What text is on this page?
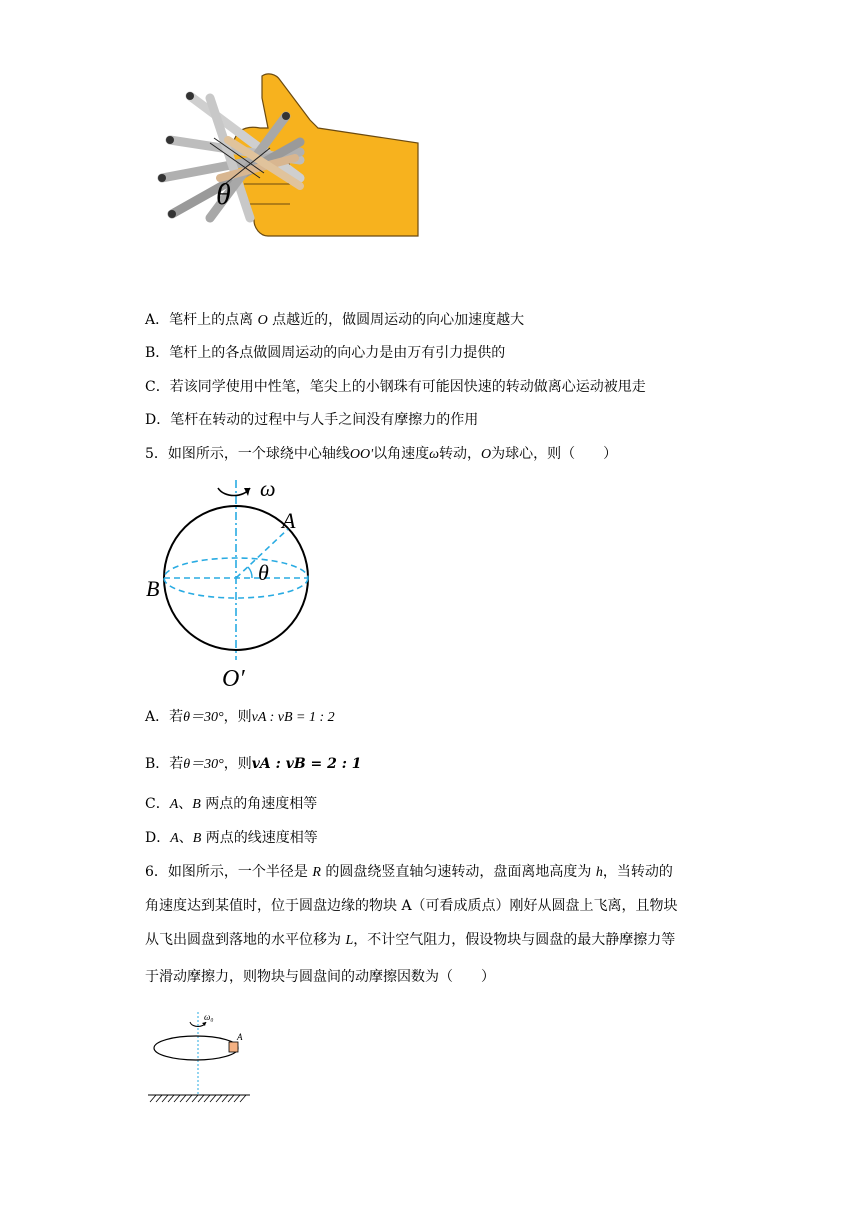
θ
A．笔杆上的点离 O 点越近的，做圆周运动的向心加速度越大
B．笔杆上的各点做圆周运动的向心力是由万有引力提供的
C．若该同学使用中性笔，笔尖上的小钢珠有可能因快速的转动做离心运动被甩走
D．笔杆在转动的过程中与人手之间没有摩擦力的作用
5．如图所示，一个球绕中心轴线OO'以角速度ω转动，O为球心，则（　　）
ω
A
B
θ
O′
A．若θ＝30°，则vA : vB = 1 : 2
B．若θ＝30°，则vA : vB = 2 : 1
C．A、B 两点的角速度相等
D．A、B 两点的线速度相等
6．如图所示，一个半径是 R 的圆盘绕竖直轴匀速转动，盘面离地高度为 h，当转动的
角速度达到某值时，位于圆盘边缘的物块 A（可看成质点）刚好从圆盘上飞离，且物块
从飞出圆盘到落地的水平位移为 L，不计空气阻力，假设物块与圆盘的最大静摩擦力等
于滑动摩擦力，则物块与圆盘间的动摩擦因数为（　　）
ω₀
A
